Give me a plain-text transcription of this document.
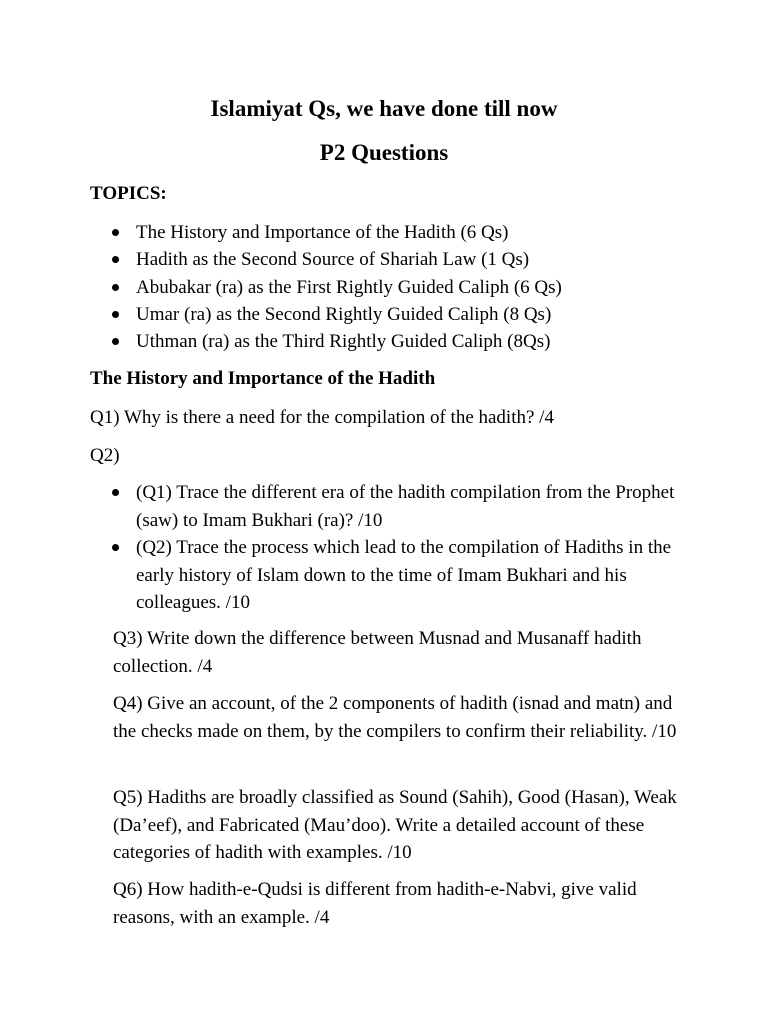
Islamiyat Qs, we have done till now
P2 Questions

TOPICS:

The History and Importance of the Hadith (6 Qs)
Hadith as the Second Source of Shariah Law (1 Qs)
Abubakar (ra) as the First Rightly Guided Caliph (6 Qs)
Umar (ra) as the Second Rightly Guided Caliph (8 Qs)
Uthman (ra) as the Third Rightly Guided Caliph (8Qs)

The History and Importance of the Hadith

Q1) Why is there a need for the compilation of the hadith? /4

Q2)

(Q1) Trace the different era of the hadith compilation from the Prophet (saw) to Imam Bukhari (ra)? /10
(Q2) Trace the process which lead to the compilation of Hadiths in the early history of Islam down to the time of Imam Bukhari and his colleagues. /10

Q3) Write down the difference between Musnad and Musanaff hadith collection. /4

Q4) Give an account, of the 2 components of hadith (isnad and matn) and the checks made on them, by the compilers to confirm their reliability. /10

Q5) Hadiths are broadly classified as Sound (Sahih), Good (Hasan), Weak (Da’eef), and Fabricated (Mau’doo). Write a detailed account of these categories of hadith with examples. /10

Q6) How hadith-e-Qudsi is different from hadith-e-Nabvi, give valid reasons, with an example. /4
